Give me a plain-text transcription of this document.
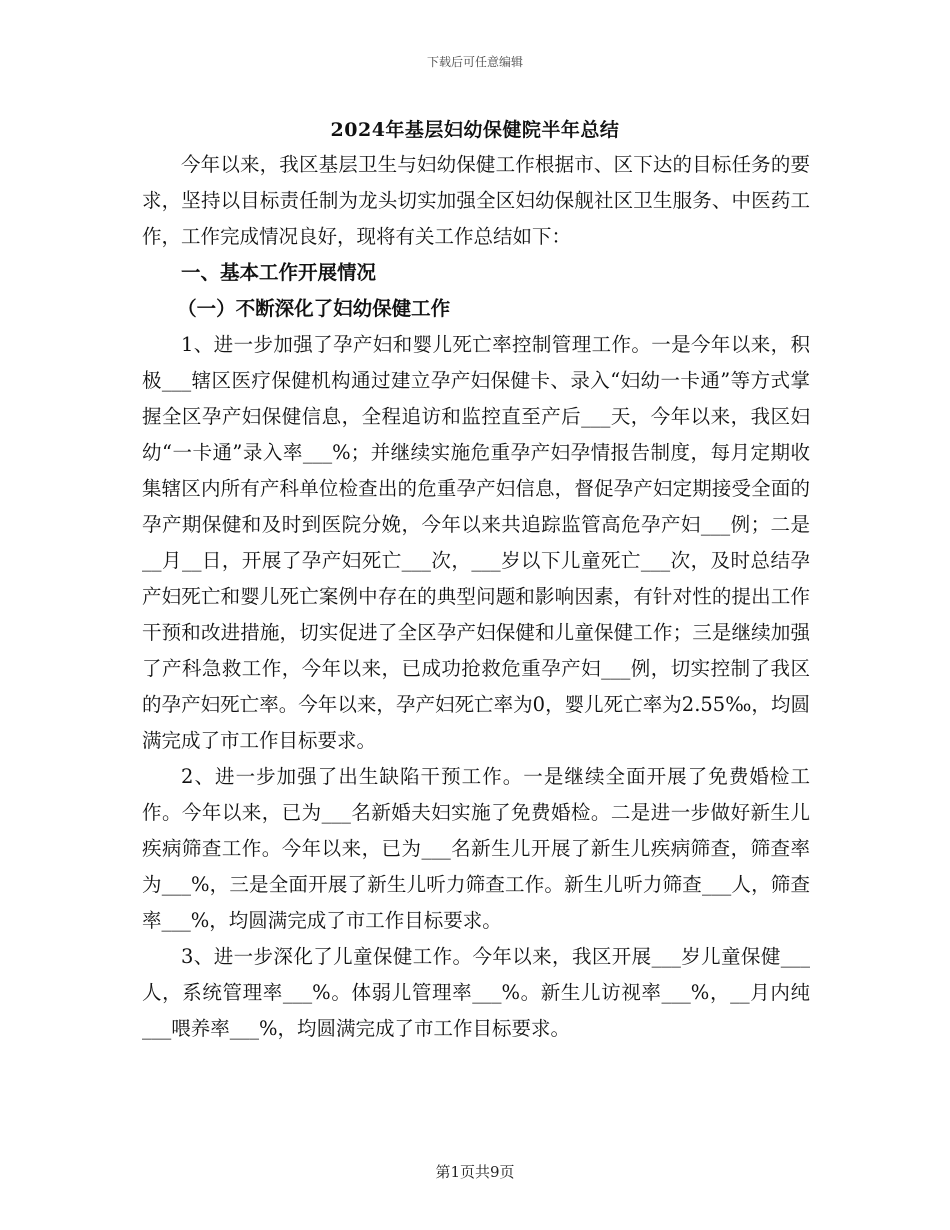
下载后可任意编辑
2024年基层妇幼保健院半年总结

今年以来，我区基层卫生与妇幼保健工作根据市、区下达的目标任务的要求，坚持以目标责任制为龙头切实加强全区妇幼保舰社区卫生服务、中医药工作，工作完成情况良好，现将有关工作总结如下：

一、基本工作开展情况
（一）不断深化了妇幼保健工作

1、进一步加强了孕产妇和婴儿死亡率控制管理工作。一是今年以来，积极___辖区医疗保健机构通过建立孕产妇保健卡、录入“妇幼一卡通”等方式掌握全区孕产妇保健信息，全程追访和监控直至产后___天，今年以来，我区妇幼“一卡通”录入率___%；并继续实施危重孕产妇孕情报告制度，每月定期收集辖区内所有产科单位检查出的危重孕产妇信息，督促孕产妇定期接受全面的孕产期保健和及时到医院分娩，今年以来共追踪监管高危孕产妇___例；二是__月__日，开展了孕产妇死亡___次，___岁以下儿童死亡___次，及时总结孕产妇死亡和婴儿死亡案例中存在的典型问题和影响因素，有针对性的提出工作干预和改进措施，切实促进了全区孕产妇保健和儿童保健工作；三是继续加强了产科急救工作，今年以来，已成功抢救危重孕产妇___例，切实控制了我区的孕产妇死亡率。今年以来，孕产妇死亡率为0，婴儿死亡率为2.55‰，均圆满完成了市工作目标要求。

2、进一步加强了出生缺陷干预工作。一是继续全面开展了免费婚检工作。今年以来，已为___名新婚夫妇实施了免费婚检。二是进一步做好新生儿疾病筛查工作。今年以来，已为___名新生儿开展了新生儿疾病筛查，筛查率为___%，三是全面开展了新生儿听力筛查工作。新生儿听力筛查___人，筛查率___%，均圆满完成了市工作目标要求。

3、进一步深化了儿童保健工作。今年以来，我区开展___岁儿童保健___人，系统管理率___%。体弱儿管理率___%。新生儿访视率___%，__月内纯___喂养率___%，均圆满完成了市工作目标要求。

第1页共9页
